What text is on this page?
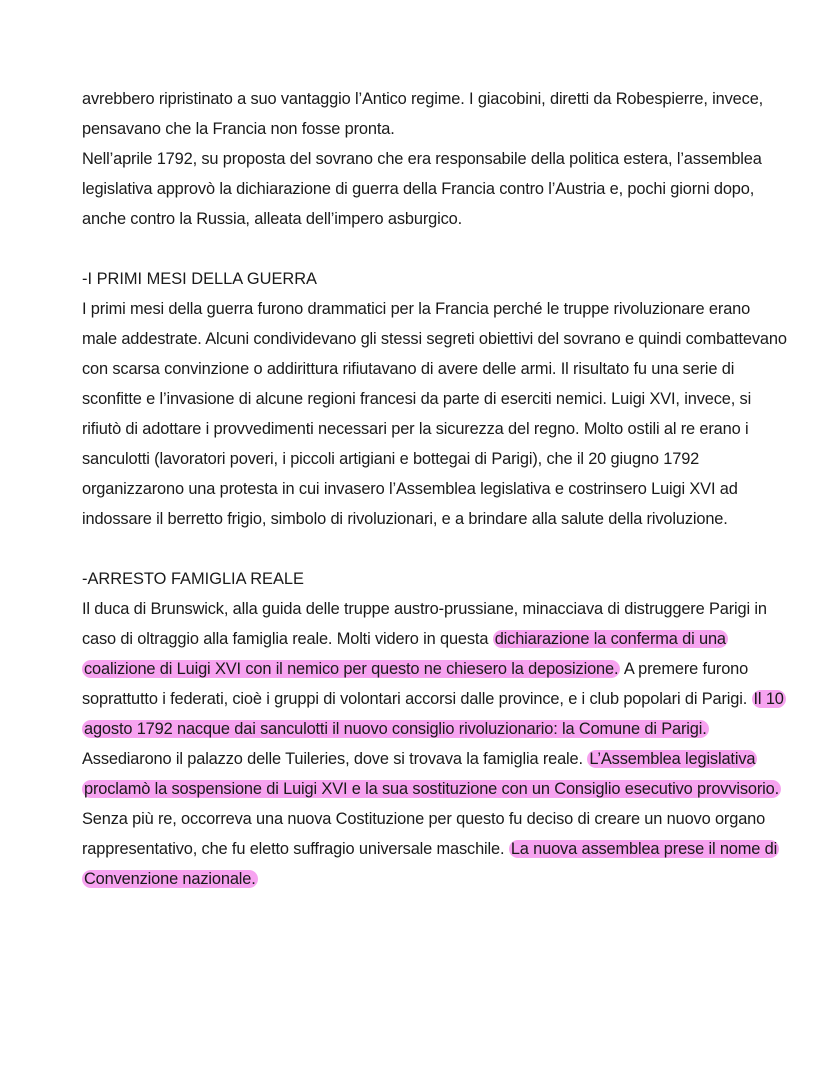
avrebbero ripristinato a suo vantaggio l’Antico regime. I giacobini, diretti da Robespierre, invece, pensavano che la Francia non fosse pronta.

Nell’aprile 1792, su proposta del sovrano che era responsabile della politica estera, l’assemblea legislativa approvò la dichiarazione di guerra della Francia contro l’Austria e, pochi giorni dopo, anche contro la Russia, alleata dell’impero asburgico.

-I PRIMI MESI DELLA GUERRA

I primi mesi della guerra furono drammatici per la Francia perché le truppe rivoluzionare erano male addestrate. Alcuni condividevano gli stessi segreti obiettivi del sovrano e quindi combattevano con scarsa convinzione o addirittura rifiutavano di avere delle armi. Il risultato fu una serie di sconfitte e l’invasione di alcune regioni francesi da parte di eserciti nemici. Luigi XVI, invece, si rifiutò di adottare i provvedimenti necessari per la sicurezza del regno. Molto ostili al re erano i sanculotti (lavoratori poveri, i piccoli artigiani e bottegai di Parigi), che il 20 giugno 1792 organizzarono una protesta in cui invasero l’Assemblea legislativa e costrinsero Luigi XVI ad indossare il berretto frigio, simbolo di rivoluzionari, e a brindare alla salute della rivoluzione.

-ARRESTO FAMIGLIA REALE

Il duca di Brunswick, alla guida delle truppe austro-prussiane, minacciava di distruggere Parigi in caso di oltraggio alla famiglia reale. Molti videro in questa dichiarazione la conferma di una coalizione di Luigi XVI con il nemico per questo ne chiesero la deposizione. A premere furono soprattutto i federati, cioè i gruppi di volontari accorsi dalle province, e i club popolari di Parigi. Il 10 agosto 1792 nacque dai sanculotti il nuovo consiglio rivoluzionario: la Comune di Parigi. Assediarono il palazzo delle Tuileries, dove si trovava la famiglia reale. L’Assemblea legislativa proclamò la sospensione di Luigi XVI e la sua sostituzione con un Consiglio esecutivo provvisorio.

Senza più re, occorreva una nuova Costituzione per questo fu deciso di creare un nuovo organo rappresentativo, che fu eletto suffragio universale maschile. La nuova assemblea prese il nome di Convenzione nazionale.
